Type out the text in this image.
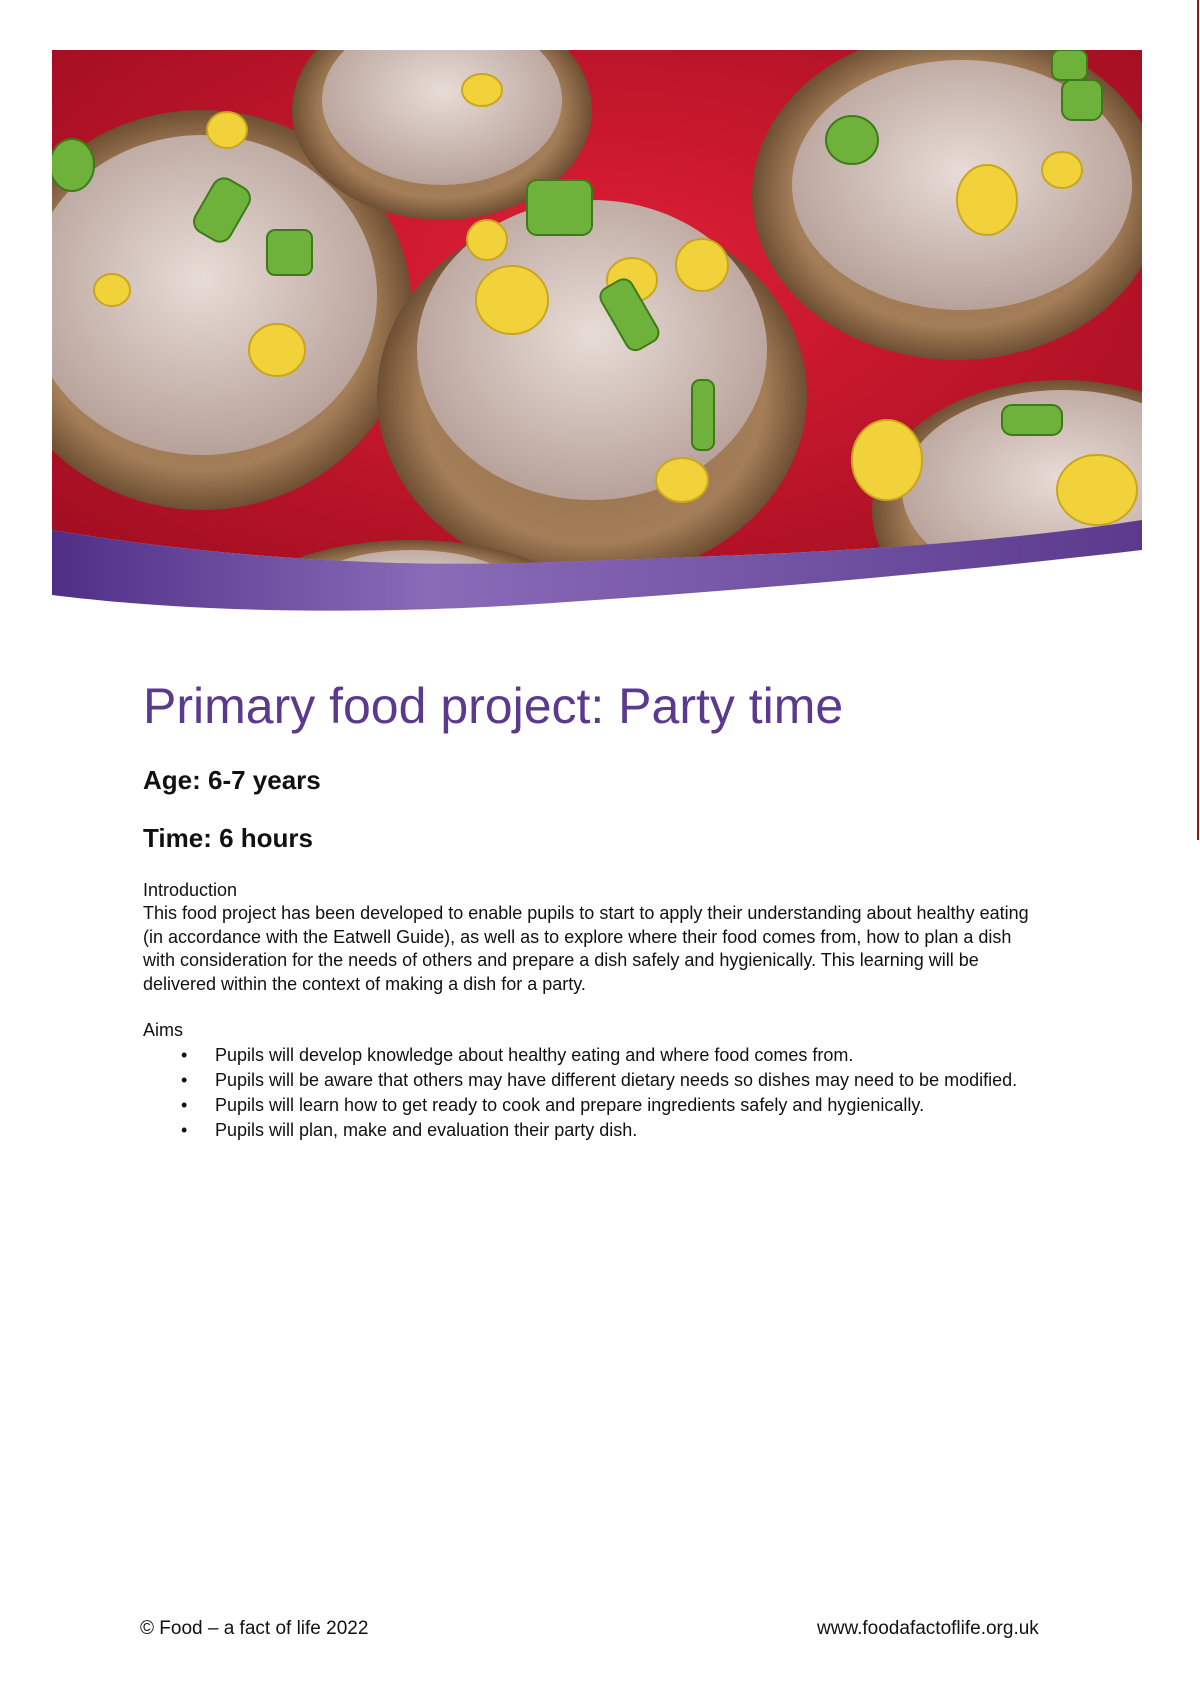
Primary food project: Party time

Age: 6-7 years

Time: 6 hours

Introduction
This food project has been developed to enable pupils to start to apply their understanding about healthy eating (in accordance with the Eatwell Guide), as well as to explore where their food comes from, how to plan a dish with consideration for the needs of others and prepare a dish safely and hygienically. This learning will be delivered within the context of making a dish for a party.
Aims
• Pupils will develop knowledge about healthy eating and where food comes from.
• Pupils will be aware that others may have different dietary needs so dishes may need to be modified.
• Pupils will learn how to get ready to cook and prepare ingredients safely and hygienically.
• Pupils will plan, make and evaluation their party dish.
© Food – a fact of life 2022	www.foodafactoflife.org.uk
